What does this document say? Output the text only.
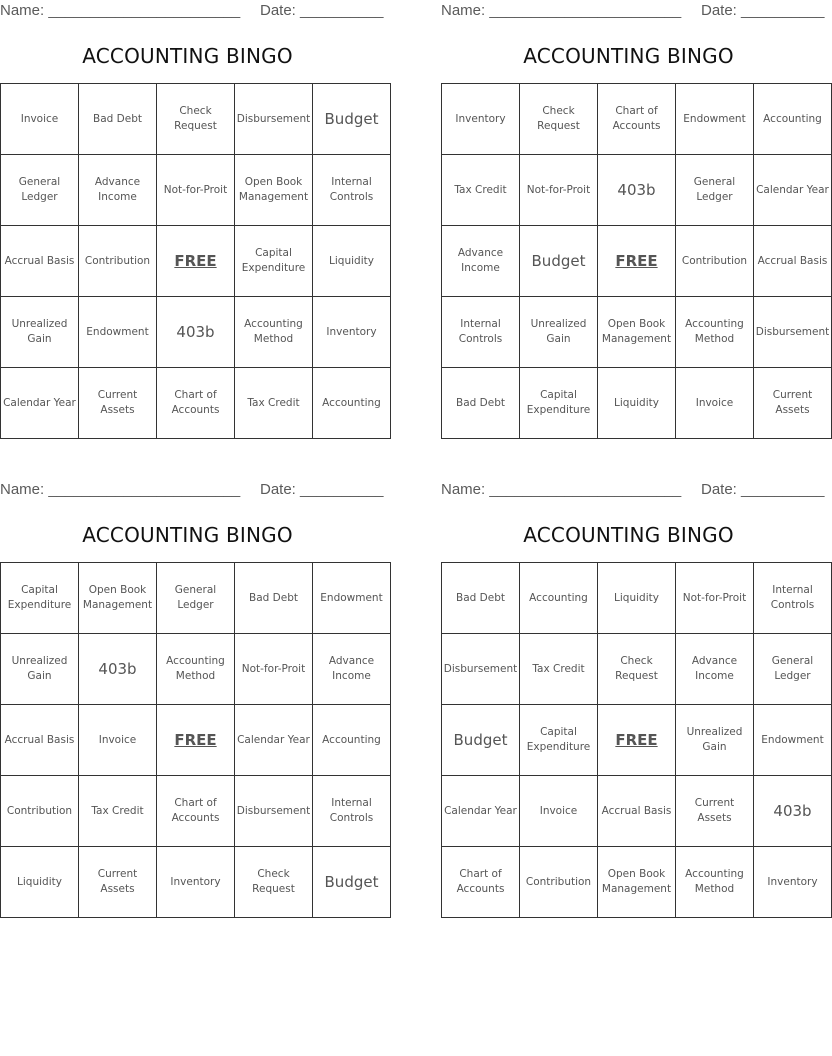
Name: _______________________ Date: __________
ACCOUNTING BINGO
Invoice	Bad Debt	Check Request	Disbursement	Budget
General Ledger	Advance Income	Not-for-Proit	Open Book Management	Internal Controls
Accrual Basis	Contribution	FREE	Capital Expenditure	Liquidity
Unrealized Gain	Endowment	403b	Accounting Method	Inventory
Calendar Year	Current Assets	Chart of Accounts	Tax Credit	Accounting
Name: _______________________ Date: __________
ACCOUNTING BINGO
Inventory	Check Request	Chart of Accounts	Endowment	Accounting
Tax Credit	Not-for-Proit	403b	General Ledger	Calendar Year
Advance Income	Budget	FREE	Contribution	Accrual Basis
Internal Controls	Unrealized Gain	Open Book Management	Accounting Method	Disbursement
Bad Debt	Capital Expenditure	Liquidity	Invoice	Current Assets
Name: _______________________ Date: __________
ACCOUNTING BINGO
Capital Expenditure	Open Book Management	General Ledger	Bad Debt	Endowment
Unrealized Gain	403b	Accounting Method	Not-for-Proit	Advance Income
Accrual Basis	Invoice	FREE	Calendar Year	Accounting
Contribution	Tax Credit	Chart of Accounts	Disbursement	Internal Controls
Liquidity	Current Assets	Inventory	Check Request	Budget
Name: _______________________ Date: __________
ACCOUNTING BINGO
Bad Debt	Accounting	Liquidity	Not-for-Proit	Internal Controls
Disbursement	Tax Credit	Check Request	Advance Income	General Ledger
Budget	Capital Expenditure	FREE	Unrealized Gain	Endowment
Calendar Year	Invoice	Accrual Basis	Current Assets	403b
Chart of Accounts	Contribution	Open Book Management	Accounting Method	Inventory
